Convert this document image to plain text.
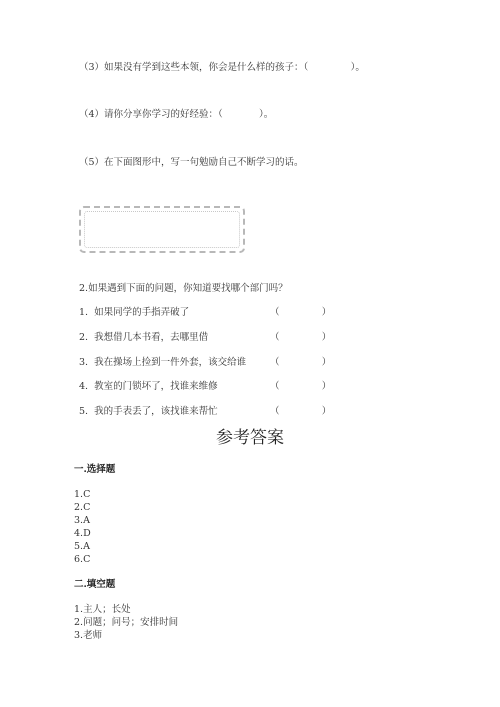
（3）如果没有学到这些本领，你会是什么样的孩子：（              ）。
（4）请你分享你学习的好经验：（            ）。
（5）在下面图形中，写一句勉励自己不断学习的话。
2.如果遇到下面的问题，你知道要找哪个部门吗？
1.  如果同学的手指弄破了	（              ）
2.  我想借几本书看，去哪里借	（              ）
3.  我在操场上捡到一件外套，该交给谁	（              ）
4.  教室的门锁坏了，找谁来维修	（              ）
5.  我的手表丢了，该找谁来帮忙	（              ）
参考答案
一.选择题
1.C
2.C
3.A
4.D
5.A
6.C
二.填空题
1.主人；长处
2.问题；问号；安排时间
3.老师
